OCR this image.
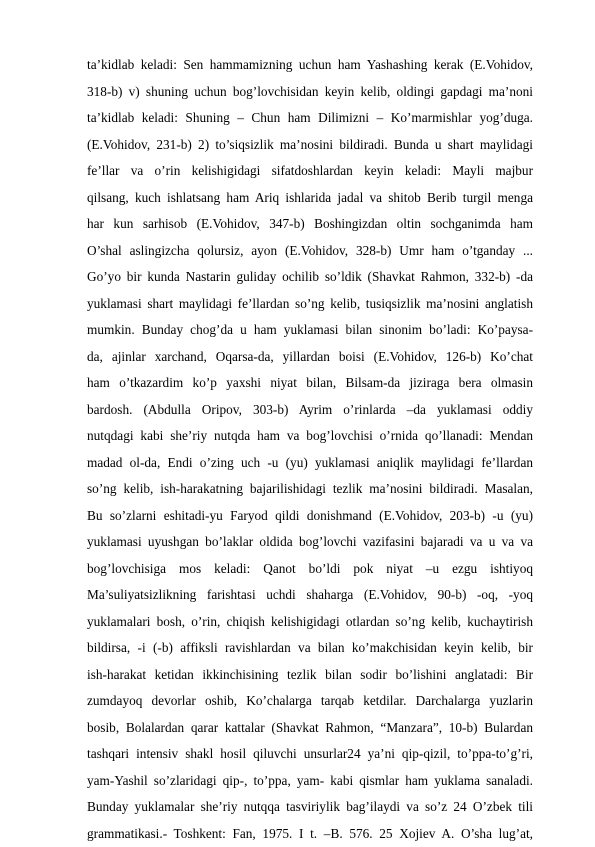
ta’kidlab keladi: Sen hammamizning uchun ham Yashashing kerak (E.Vohidov,
318-b) v) shuning uchun bog’lovchisidan keyin kelib, oldingi gapdagi ma’noni
ta’kidlab keladi: Shuning – Chun ham Dilimizni – Ko’marmishlar yog’duga.
(E.Vohidov, 231-b) 2) to’siqsizlik ma’nosini bildiradi. Bunda u shart maylidagi
fe’llar va o’rin kelishigidagi sifatdoshlardan keyin keladi: Mayli majbur
qilsang, kuch ishlatsang ham Ariq ishlarida jadal va shitob Berib turgil menga
har kun sarhisob (E.Vohidov, 347-b) Boshingizdan oltin sochganimda ham
O’shal aslingizcha qolursiz, ayon (E.Vohidov, 328-b) Umr ham o’tganday ...
Go’yo bir kunda Nastarin guliday ochilib so’ldik (Shavkat Rahmon, 332-b) -da
yuklamasi shart maylidagi fe’llardan so’ng kelib, tusiqsizlik ma’nosini anglatish
mumkin. Bunday chog’da u ham yuklamasi bilan sinonim bo’ladi: Ko’paysa-
da, ajinlar xarchand, Oqarsa-da, yillardan boisi (E.Vohidov, 126-b) Ko’chat
ham o’tkazardim ko’p yaxshi niyat bilan, Bilsam-da jiziraga bera olmasin
bardosh. (Abdulla Oripov, 303-b) Ayrim o’rinlarda –da yuklamasi oddiy
nutqdagi kabi she’riy nutqda ham va bog’lovchisi o’rnida qo’llanadi: Mendan
madad ol-da, Endi o’zing uch -u (yu) yuklamasi aniqlik maylidagi fe’llardan
so’ng kelib, ish-harakatning bajarilishidagi tezlik ma’nosini bildiradi. Masalan,
Bu so’zlarni eshitadi-yu Faryod qildi donishmand (E.Vohidov, 203-b) -u (yu)
yuklamasi uyushgan bo’laklar oldida bog’lovchi vazifasini bajaradi va u va va
bog’lovchisiga mos keladi: Qanot bo’ldi pok niyat –u ezgu ishtiyoq
Ma’suliyatsizlikning farishtasi uchdi shaharga (E.Vohidov, 90-b) -oq, -yoq
yuklamalari bosh, o’rin, chiqish kelishigidagi otlardan so’ng kelib, kuchaytirish
bildirsa, -i (-b) affiksli ravishlardan va bilan ko’makchisidan keyin kelib, bir
ish-harakat ketidan ikkinchisining tezlik bilan sodir bo’lishini anglatadi: Bir
zumdayoq devorlar oshib, Ko’chalarga tarqab ketdilar. Darchalarga yuzlarin
bosib, Bolalardan qarar kattalar (Shavkat Rahmon, “Manzara”, 10-b) Bulardan
tashqari intensiv shakl hosil qiluvchi unsurlar24 ya’ni qip-qizil, to’ppa-to’g’ri,
yam-Yashil so’zlaridagi qip-, to’ppa, yam- kabi qismlar ham yuklama sanaladi.
Bunday yuklamalar she’riy nutqqa tasviriylik bag’ilaydi va so’z 24 O’zbek tili
grammatikasi.- Toshkent: Fan, 1975. I t. –B. 576. 25 Xojiev A. O’sha lug’at,
